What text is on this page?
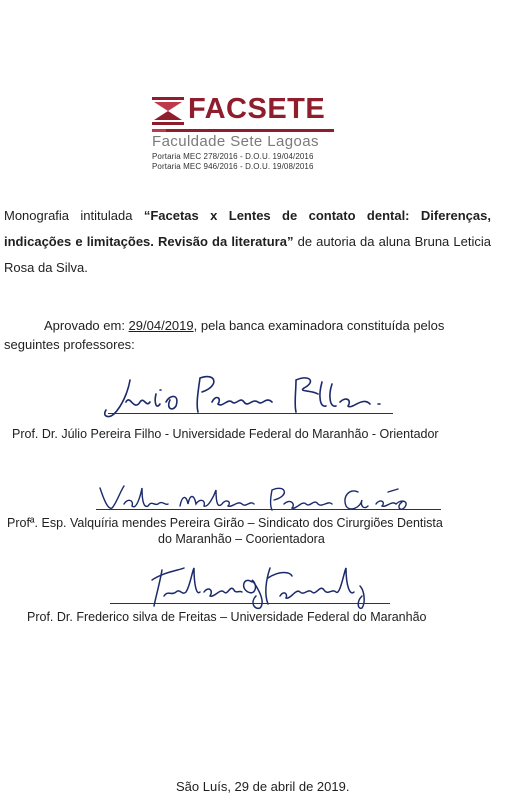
FACSETE
Faculdade Sete Lagoas
Portaria MEC 278/2016 - D.O.U. 19/04/2016
Portaria MEC 946/2016 - D.O.U. 19/08/2016
Monografia intitulada “Facetas x Lentes de contato dental: Diferenças, indicações e limitações. Revisão da literatura” de autoria da aluna Bruna Leticia Rosa da Silva.
Aprovado em: 29/04/2019, pela banca examinadora constituída pelos
seguintes professores:
Prof. Dr. Júlio Pereira Filho - Universidade Federal do Maranhão - Orientador
Profª. Esp. Valquíria mendes Pereira Girão – Sindicato dos Cirurgiões Dentista
do Maranhão – Coorientadora
Prof. Dr. Frederico silva de Freitas – Universidade Federal do Maranhão
São Luís, 29 de abril de 2019.
